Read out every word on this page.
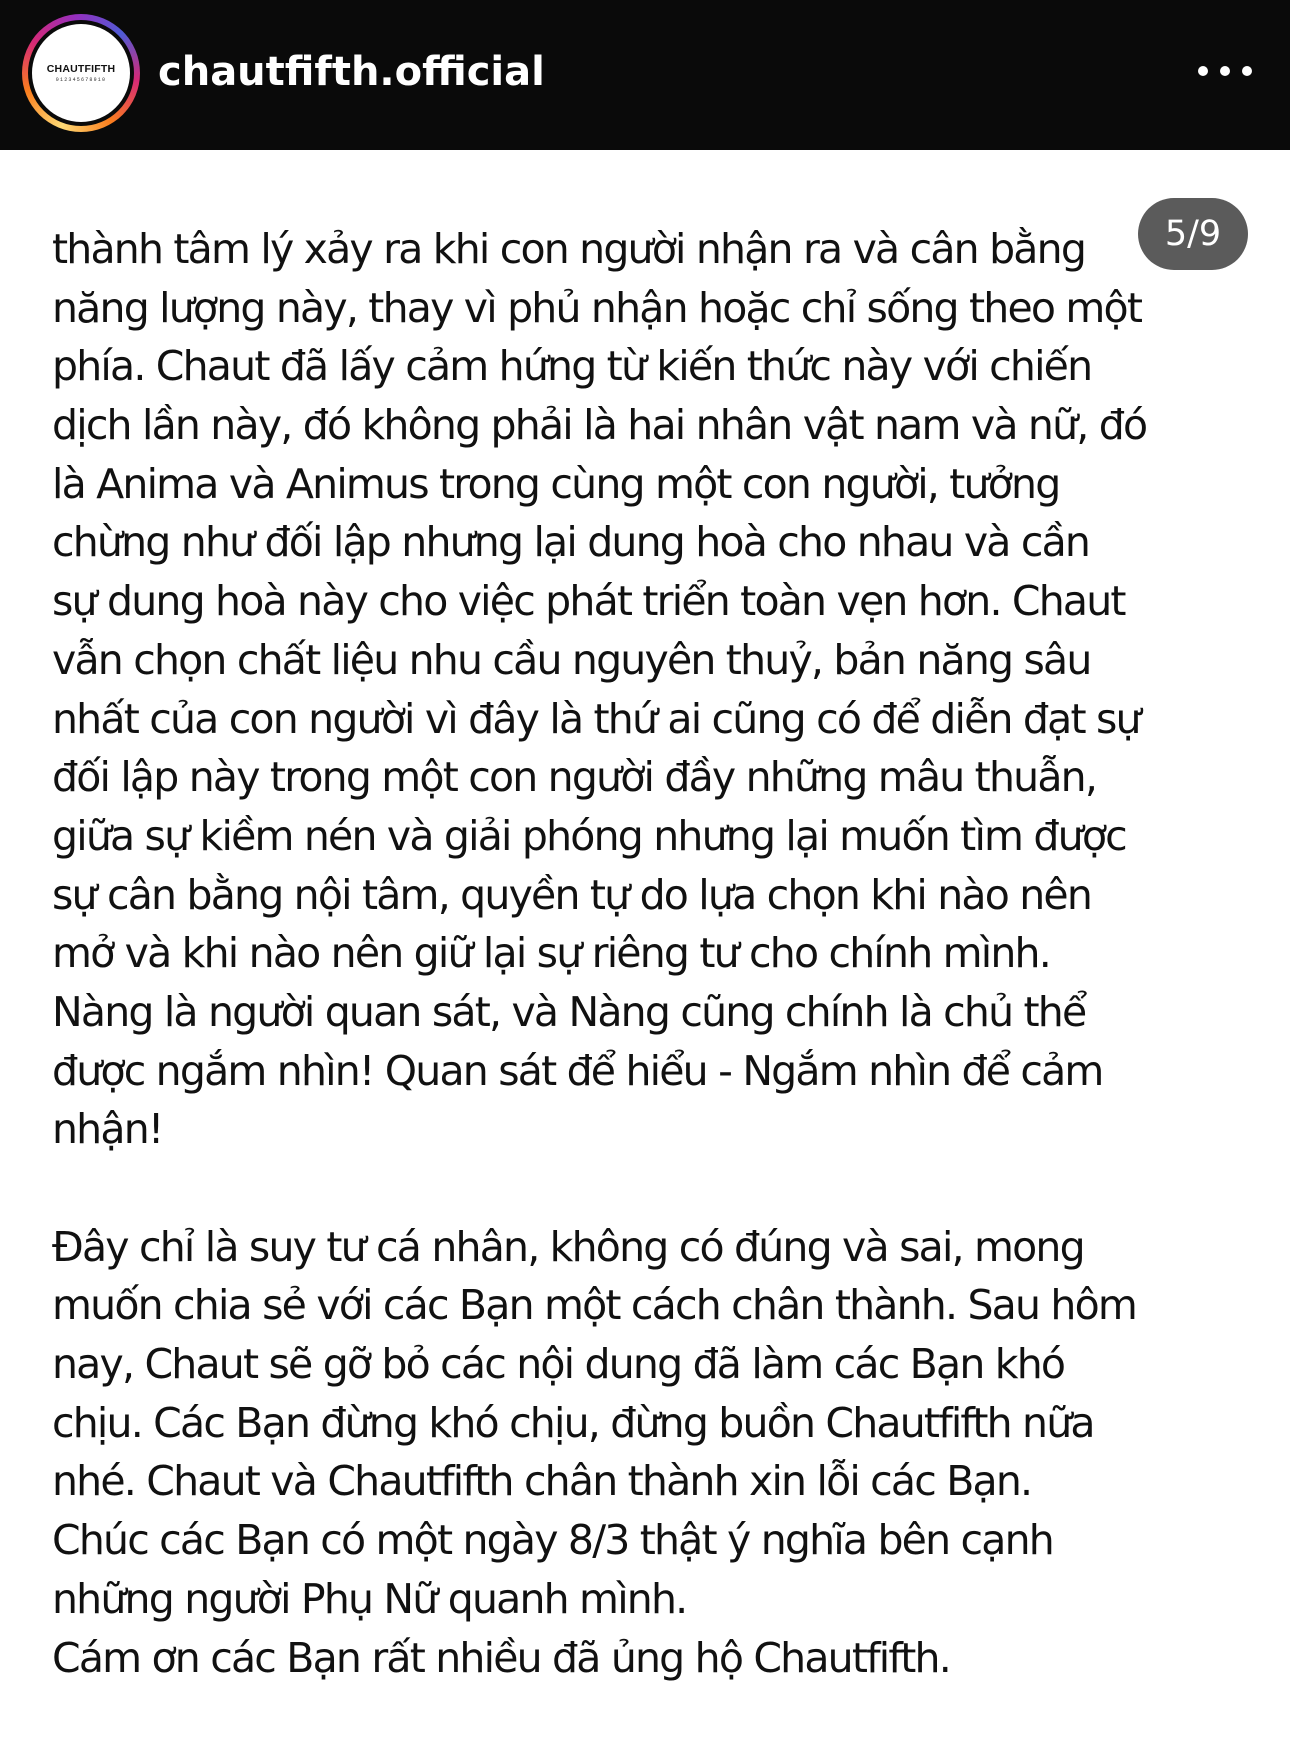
CHAUTFIFTH
012345678910 chautfifth.official
thành tâm lý xảy ra khi con người nhận ra và cân bằng
năng lượng này, thay vì phủ nhận hoặc chỉ sống theo một
phía. Chaut đã lấy cảm hứng từ kiến thức này với chiến
dịch lần này, đó không phải là hai nhân vật nam và nữ, đó
là Anima và Animus trong cùng một con người, tưởng
chừng như đối lập nhưng lại dung hoà cho nhau và cần
sự dung hoà này cho việc phát triển toàn vẹn hơn. Chaut
vẫn chọn chất liệu nhu cầu nguyên thuỷ, bản năng sâu
nhất của con người vì đây là thứ ai cũng có để diễn đạt sự
đối lập này trong một con người đầy những mâu thuẫn,
giữa sự kiềm nén và giải phóng nhưng lại muốn tìm được
sự cân bằng nội tâm, quyền tự do lựa chọn khi nào nên
mở và khi nào nên giữ lại sự riêng tư cho chính mình.
Nàng là người quan sát, và Nàng cũng chính là chủ thể
được ngắm nhìn! Quan sát để hiểu - Ngắm nhìn để cảm
nhận!
Đây chỉ là suy tư cá nhân, không có đúng và sai, mong
muốn chia sẻ với các Bạn một cách chân thành. Sau hôm
nay, Chaut sẽ gỡ bỏ các nội dung đã làm các Bạn khó
chịu. Các Bạn đừng khó chịu, đừng buồn Chautfifth nữa
nhé. Chaut và Chautfifth chân thành xin lỗi các Bạn.
Chúc các Bạn có một ngày 8/3 thật ý nghĩa bên cạnh
những người Phụ Nữ quanh mình.
Cám ơn các Bạn rất nhiều đã ủng hộ Chautfifth.
5/9
